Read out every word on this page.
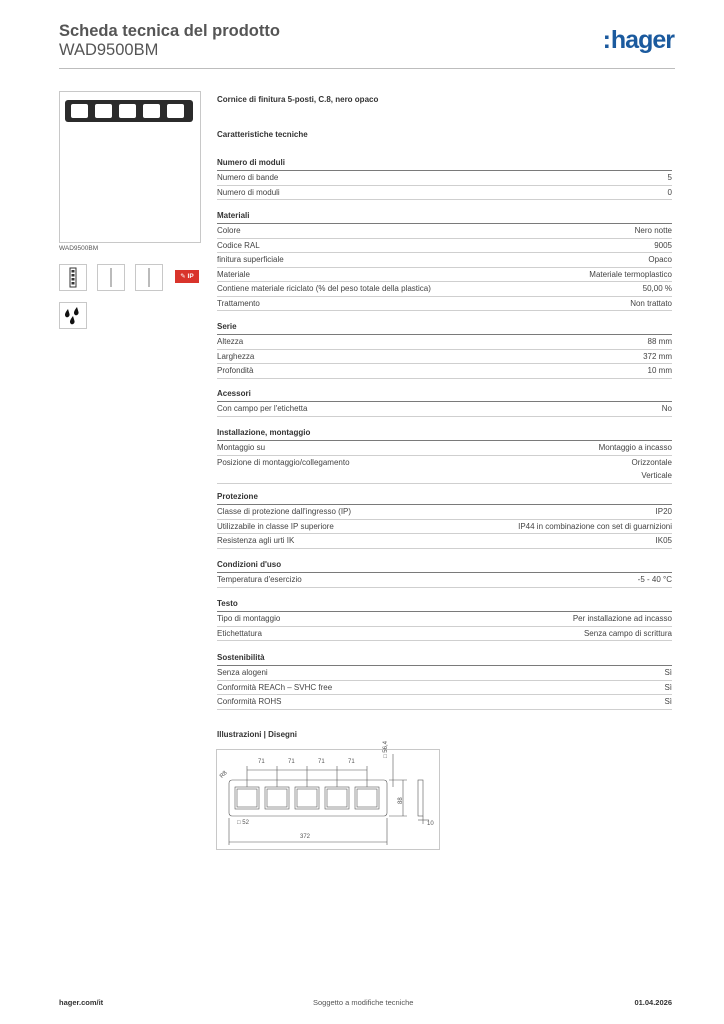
Scheda tecnica del prodotto
WAD9500BM	:hager
WAD9500BM
✎ IP
Cornice di finitura 5-posti, C.8, nero opaco
Caratteristiche tecniche
Numero di moduli
Numero di bande	5
Numero di moduli	0
Materiali
Colore	Nero notte
Codice RAL	9005
finitura superficiale	Opaco
Materiale	Materiale termoplastico
Contiene materiale riciclato (% del peso totale della plastica)	50,00 %
Trattamento	Non trattato
Serie
Altezza	88 mm
Larghezza	372 mm
Profondità	10 mm
Acessori
Con campo per l'etichetta	No
Installazione, montaggio
Montaggio su	Montaggio a incasso
Posizione di montaggio/collegamento	Orizzontale
Verticale
Protezione
Classe di protezione dall'ingresso (IP)	IP20
Utilizzabile in classe IP superiore	IP44 in combinazione con set di guarnizioni
Resistenza agli urti IK	IK05
Condizioni d'uso
Temperatura d'esercizio	-5 - 40 °C
Testo
Tipo di montaggio	Per installazione ad incasso
Etichettatura	Senza campo di scrittura
Sostenibilità
Senza alogeni	Sì
Conformità REACh – SVHC free	Sì
Conformità ROHS	Sì
Illustrazioni | Disegni
71	71	71	71
R8
□ 56,4
88
□ 52
372
10
hager.com/it	Soggetto a modifiche tecniche	01.04.2026
